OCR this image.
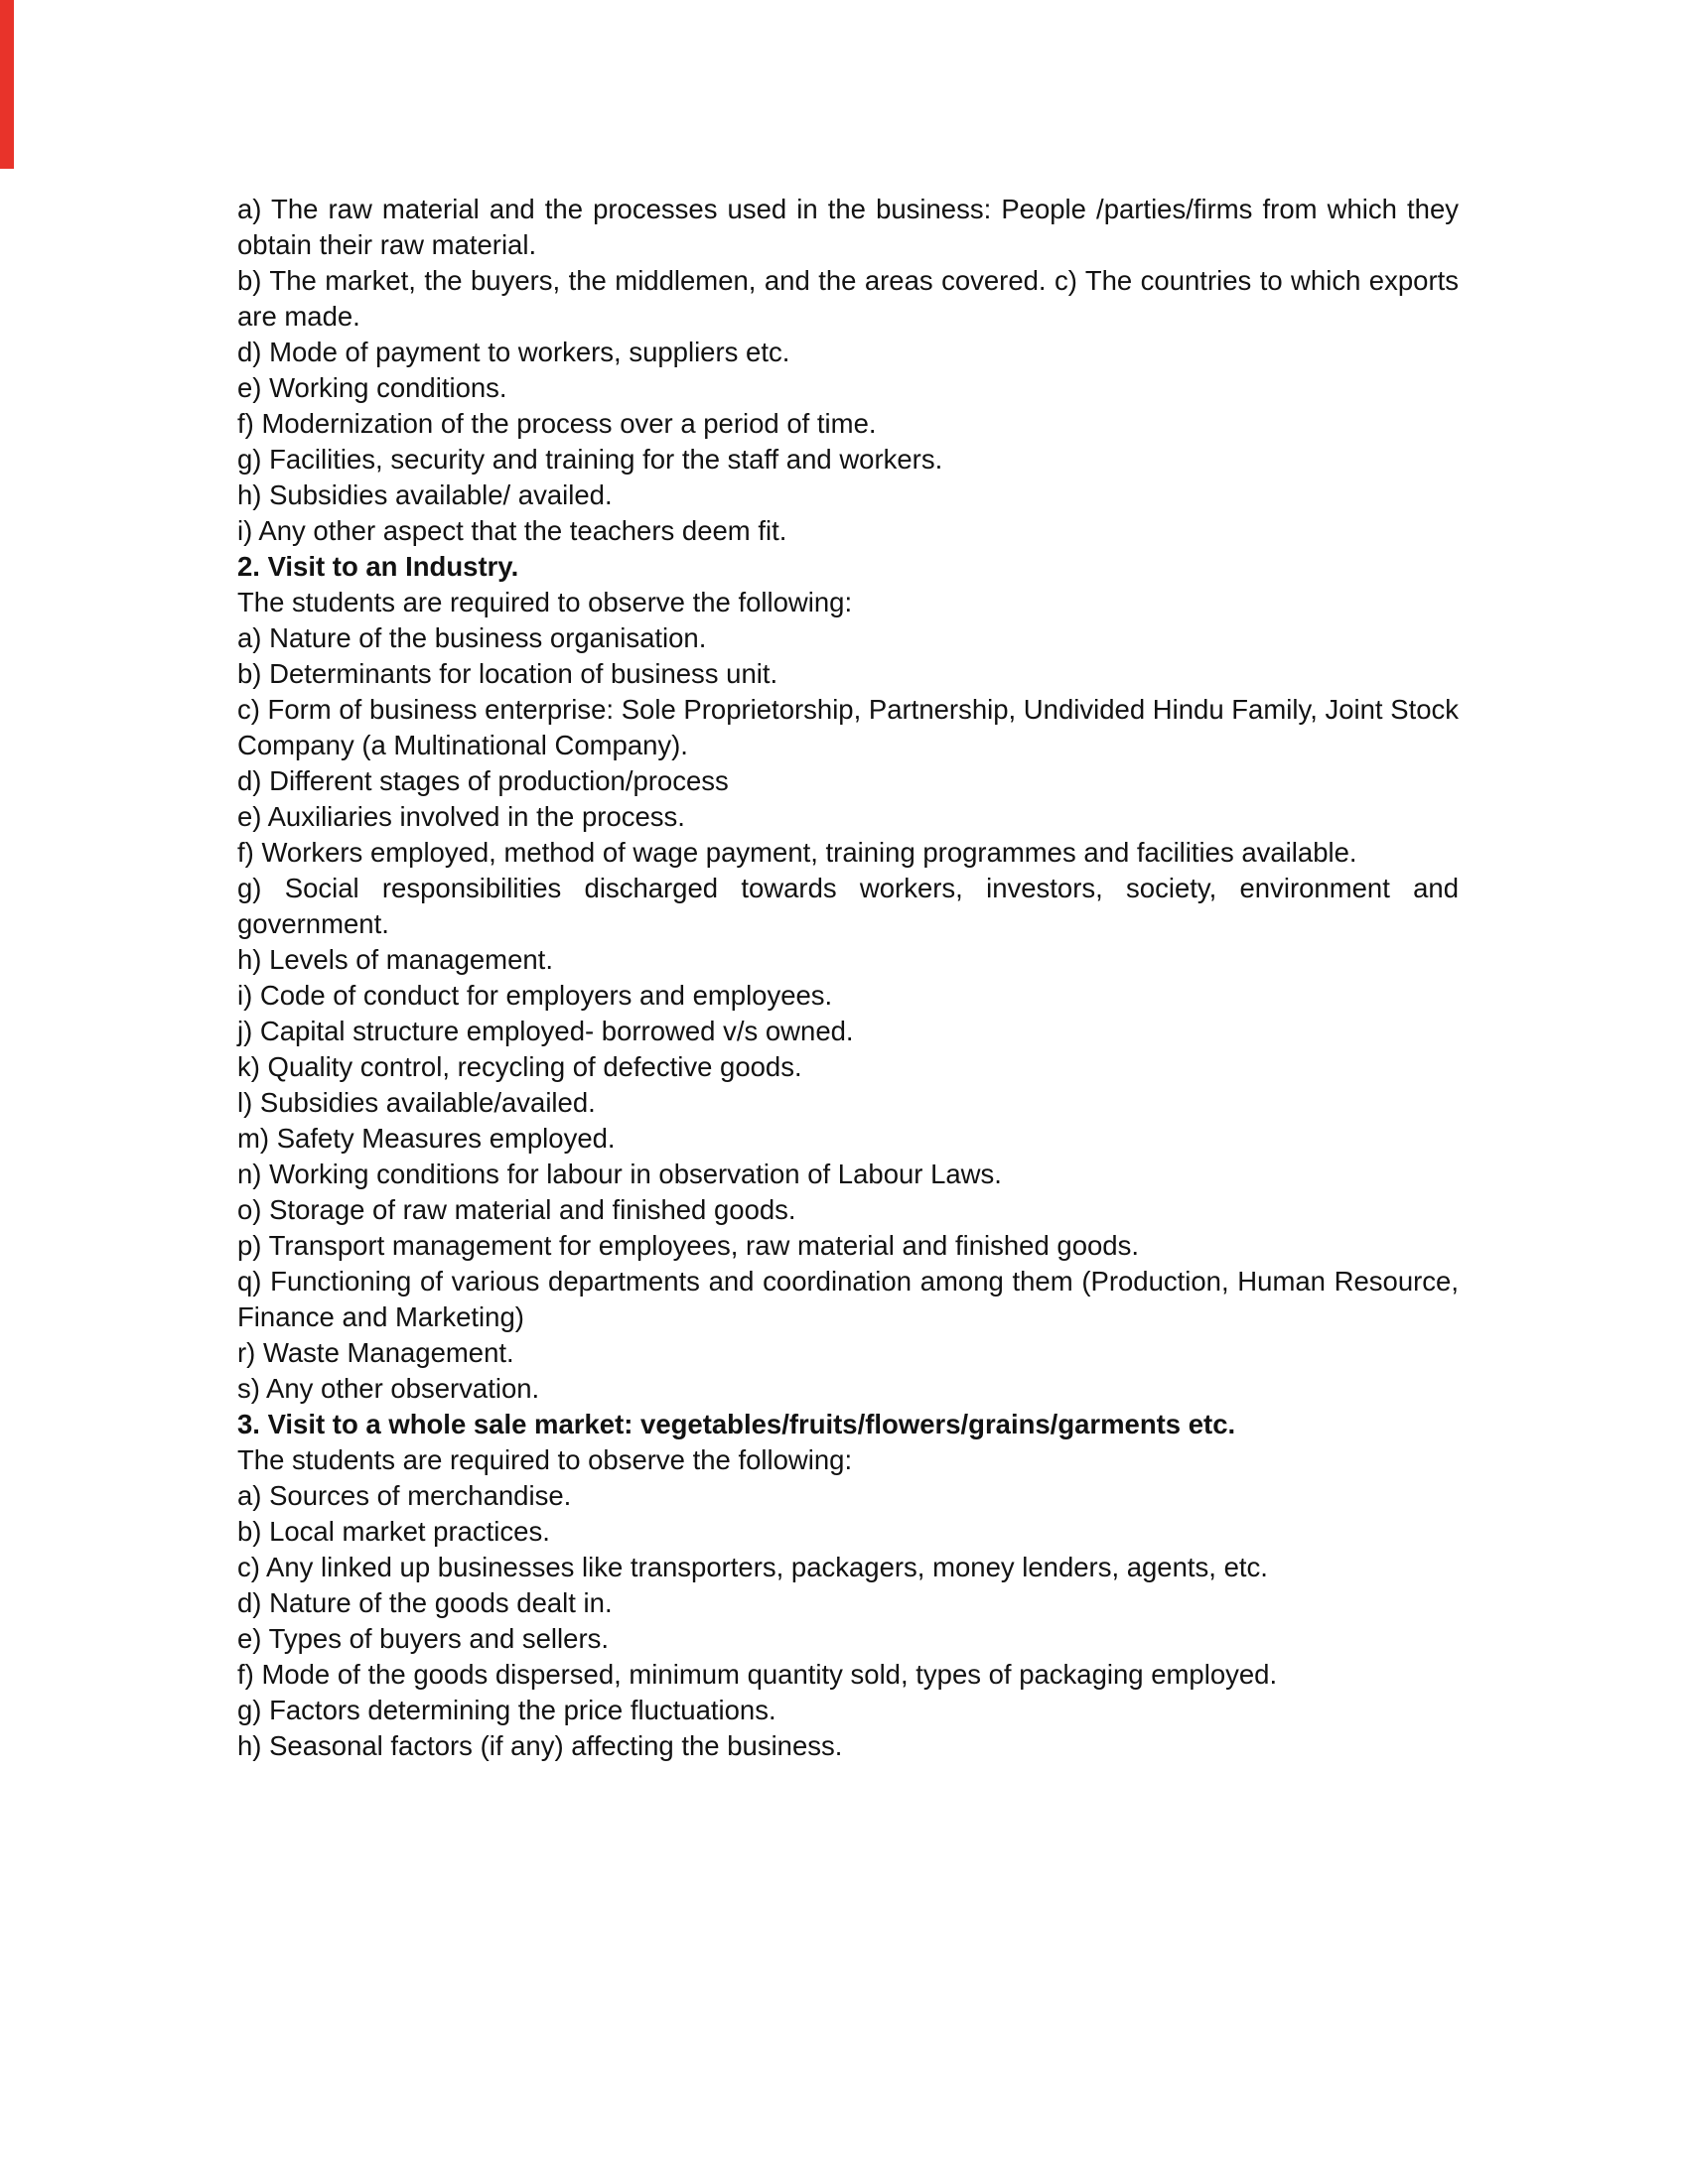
a) The raw material and the processes used in the business: People /parties/firms from which they obtain their raw material.

b) The market, the buyers, the middlemen, and the areas covered. c) The countries to which exports are made.

d) Mode of payment to workers, suppliers etc.

e) Working conditions.

f) Modernization of the process over a period of time.

g) Facilities, security and training for the staff and workers.

h) Subsidies available/ availed.

i) Any other aspect that the teachers deem fit.

2. Visit to an Industry.

The students are required to observe the following:

a) Nature of the business organisation.

b) Determinants for location of business unit.

c) Form of business enterprise: Sole Proprietorship, Partnership, Undivided Hindu Family, Joint Stock Company (a Multinational Company).

d) Different stages of production/process

e) Auxiliaries involved in the process.

f) Workers employed, method of wage payment, training programmes and facilities available.

g) Social responsibilities discharged towards workers, investors, society, environment and government.

h) Levels of management.

i) Code of conduct for employers and employees.

j) Capital structure employed- borrowed v/s owned.

k) Quality control, recycling of defective goods.

l) Subsidies available/availed.

m) Safety Measures employed.

n) Working conditions for labour in observation of Labour Laws.

o) Storage of raw material and finished goods.

p) Transport management for employees, raw material and finished goods.

q) Functioning of various departments and coordination among them (Production, Human Resource, Finance and Marketing)

r) Waste Management.

s) Any other observation.

3. Visit to a whole sale market: vegetables/fruits/flowers/grains/garments etc.

The students are required to observe the following:

a) Sources of merchandise.

b) Local market practices.

c) Any linked up businesses like transporters, packagers, money lenders, agents, etc.

d) Nature of the goods dealt in.

e) Types of buyers and sellers.

f) Mode of the goods dispersed, minimum quantity sold, types of packaging employed.

g) Factors determining the price fluctuations.

h) Seasonal factors (if any) affecting the business.
